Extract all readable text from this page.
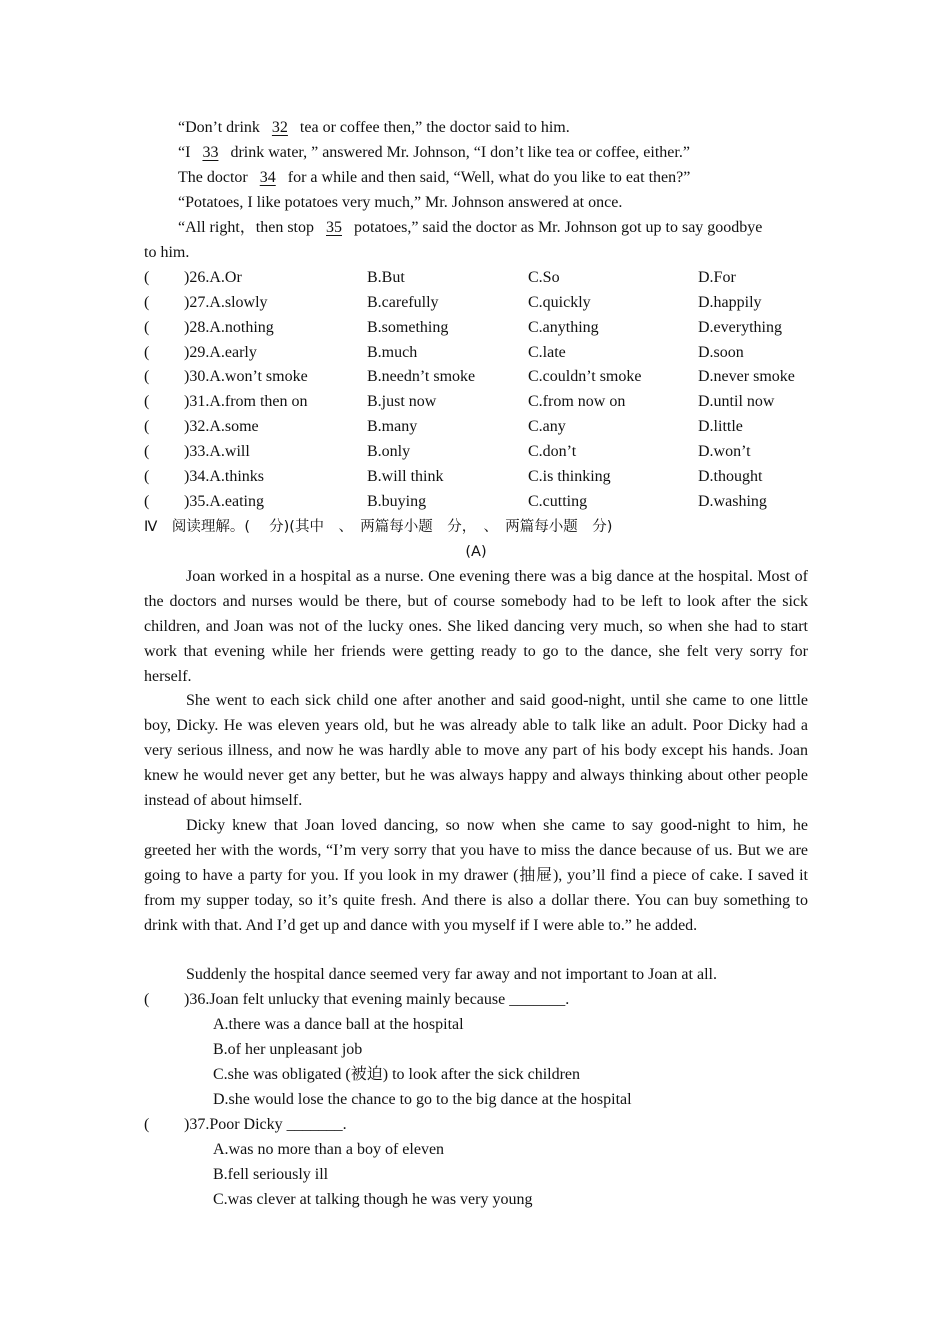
“Don’t drink 32 tea or coffee then,” the doctor said to him.
“I 33 drink water, ” answered Mr. Johnson, “I don’t like tea or coffee, either.”
The doctor 34 for a while and then said, “Well, what do you like to eat then?”
“Potatoes, I like potatoes very much,” Mr. Johnson answered at once.
“All right，then stop 35 potatoes,” said the doctor as Mr. Johnson got up to say goodbye
to him.
( )26.A.Or	B.But	C.So	D.For
( )27.A.slowly	B.carefully	C.quickly	D.happily
( )28.A.nothing	B.something	C.anything	D.everything
( )29.A.early	B.much	C.late	D.soon
( )30.A.won’t smoke	B.needn’t smoke	C.couldn’t smoke	D.never smoke
( )31.A.from then on	B.just now	C.from now on	D.until now
( )32.A.some	B.many	C.any	D.little
( )33.A.will	B.only	C.don’t	D.won’t
( )34.A.thinks	B.will think	C.is thinking	D.thought
( )35.A.eating	B.buying	C.cutting	D.washing
Ⅳ　阅读理解。(　 分)(其中　、　两篇每小题　分，　、　两篇每小题　分)
(A)
Joan worked in a hospital as a nurse. One evening there was a big dance at the hospital. Most of the doctors and nurses would be there, but of course somebody had to be left to look after the sick children, and Joan was not of the lucky ones. She liked dancing very much, so when she had to start work that evening while her friends were getting ready to go to the dance, she felt very sorry for herself.
She went to each sick child one after another and said good-night, until she came to one little boy, Dicky. He was eleven years old, but he was already able to talk like an adult. Poor Dicky had a very serious illness, and now he was hardly able to move any part of his body except his hands. Joan knew he would never get any better, but he was always happy and always thinking about other people instead of about himself.
Dicky knew that Joan loved dancing, so now when she came to say good-night to him, he greeted her with the words, “I’m very sorry that you have to miss the dance because of us. But we are going to have a party for you. If you look in my drawer (抽屉), you’ll find a piece of cake. I saved it from my supper today, so it’s quite fresh. And there is also a dollar there. You can buy something to drink with that. And I’d get up and dance with you myself if I were able to.” he added.
Suddenly the hospital dance seemed very far away and not important to Joan at all.
( )36.Joan felt unlucky that evening mainly because _______.
A.there was a dance ball at the hospital
B.of her unpleasant job
C.she was obligated (被迫) to look after the sick children
D.she would lose the chance to go to the big dance at the hospital
( )37.Poor Dicky _______.
A.was no more than a boy of eleven
B.fell seriously ill
C.was clever at talking though he was very young
